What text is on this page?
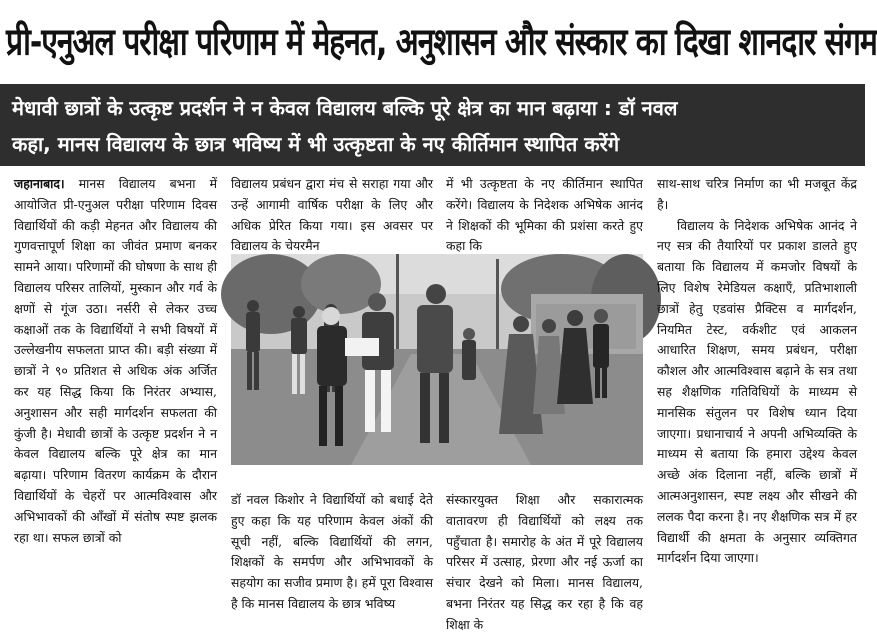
प्री-एनुअल परीक्षा परिणाम में मेहनत, अनुशासन और संस्कार का दिखा शानदार संगम
मेधावी छात्रों के उत्कृष्ट प्रदर्शन ने न केवल विद्यालय बल्कि पूरे क्षेत्र का मान बढ़ाया : डॉ नवल
कहा, मानस विद्यालय के छात्र भविष्य में भी उत्कृष्टता के नए कीर्तिमान स्थापित करेंगे

जहानाबाद। मानस विद्यालय बभना में आयोजित प्री-एनुअल परीक्षा परिणाम दिवस विद्यार्थियों की कड़ी मेहनत और विद्यालय की गुणवत्तापूर्ण शिक्षा का जीवंत प्रमाण बनकर सामने आया। परिणामों की घोषणा के साथ ही विद्यालय परिसर तालियों, मुस्कान और गर्व के क्षणों से गूंज उठा। नर्सरी से लेकर उच्च कक्षाओं तक के विद्यार्थियों ने सभी विषयों में उल्लेखनीय सफलता प्राप्त की। बड़ी संख्या में छात्रों ने ९० प्रतिशत से अधिक अंक अर्जित कर यह सिद्ध किया कि निरंतर अभ्यास, अनुशासन और सही मार्गदर्शन सफलता की कुंजी है। मेधावी छात्रों के उत्कृष्ट प्रदर्शन ने न केवल विद्यालय बल्कि पूरे क्षेत्र का मान बढ़ाया। परिणाम वितरण कार्यक्रम के दौरान विद्यार्थियों के चेहरों पर आत्मविश्वास और अभिभावकों की आँखों में संतोष स्पष्ट झलक रहा था। सफल छात्रों को

विद्यालय प्रबंधन द्वारा मंच से सराहा गया और उन्हें आगामी वार्षिक परीक्षा के लिए और अधिक प्रेरित किया गया। इस अवसर पर विद्यालय के चेयरमैन

में भी उत्कृष्टता के नए कीर्तिमान स्थापित करेंगे। विद्यालय के निदेशक अभिषेक आनंद ने शिक्षकों की भूमिका की प्रशंसा करते हुए कहा कि

डॉ नवल किशोर ने विद्यार्थियों को बधाई देते हुए कहा कि यह परिणाम केवल अंकों की सूची नहीं, बल्कि विद्यार्थियों की लगन, शिक्षकों के समर्पण और अभिभावकों के सहयोग का सजीव प्रमाण है। हमें पूरा विश्वास है कि मानस विद्यालय के छात्र भविष्य

संस्कारयुक्त शिक्षा और सकारात्मक वातावरण ही विद्यार्थियों को लक्ष्य तक पहुँचाता है। समारोह के अंत में पूरे विद्यालय परिसर में उत्साह, प्रेरणा और नई ऊर्जा का संचार देखने को मिला। मानस विद्यालय, बभना निरंतर यह सिद्ध कर रहा है कि वह शिक्षा के

साथ-साथ चरित्र निर्माण का भी मजबूत केंद्र है।

विद्यालय के निदेशक अभिषेक आनंद ने नए सत्र की तैयारियों पर प्रकाश डालते हुए बताया कि विद्यालय में कमजोर विषयों के लिए विशेष रेमेडियल कक्षाएँ, प्रतिभाशाली छात्रों हेतु एडवांस प्रैक्टिस व मार्गदर्शन, नियमित टेस्ट, वर्कशीट एवं आकलन आधारित शिक्षण, समय प्रबंधन, परीक्षा कौशल और आत्मविश्वास बढ़ाने के सत्र तथा सह शैक्षणिक गतिविधियों के माध्यम से मानसिक संतुलन पर विशेष ध्यान दिया जाएगा। प्रधानाचार्य ने अपनी अभिव्यक्ति के माध्यम से बताया कि हमारा उद्देश्य केवल अच्छे अंक दिलाना नहीं, बल्कि छात्रों में आत्मअनुशासन, स्पष्ट लक्ष्य और सीखने की ललक पैदा करना है। नए शैक्षणिक सत्र में हर विद्यार्थी की क्षमता के अनुसार व्यक्तिगत मार्गदर्शन दिया जाएगा।
